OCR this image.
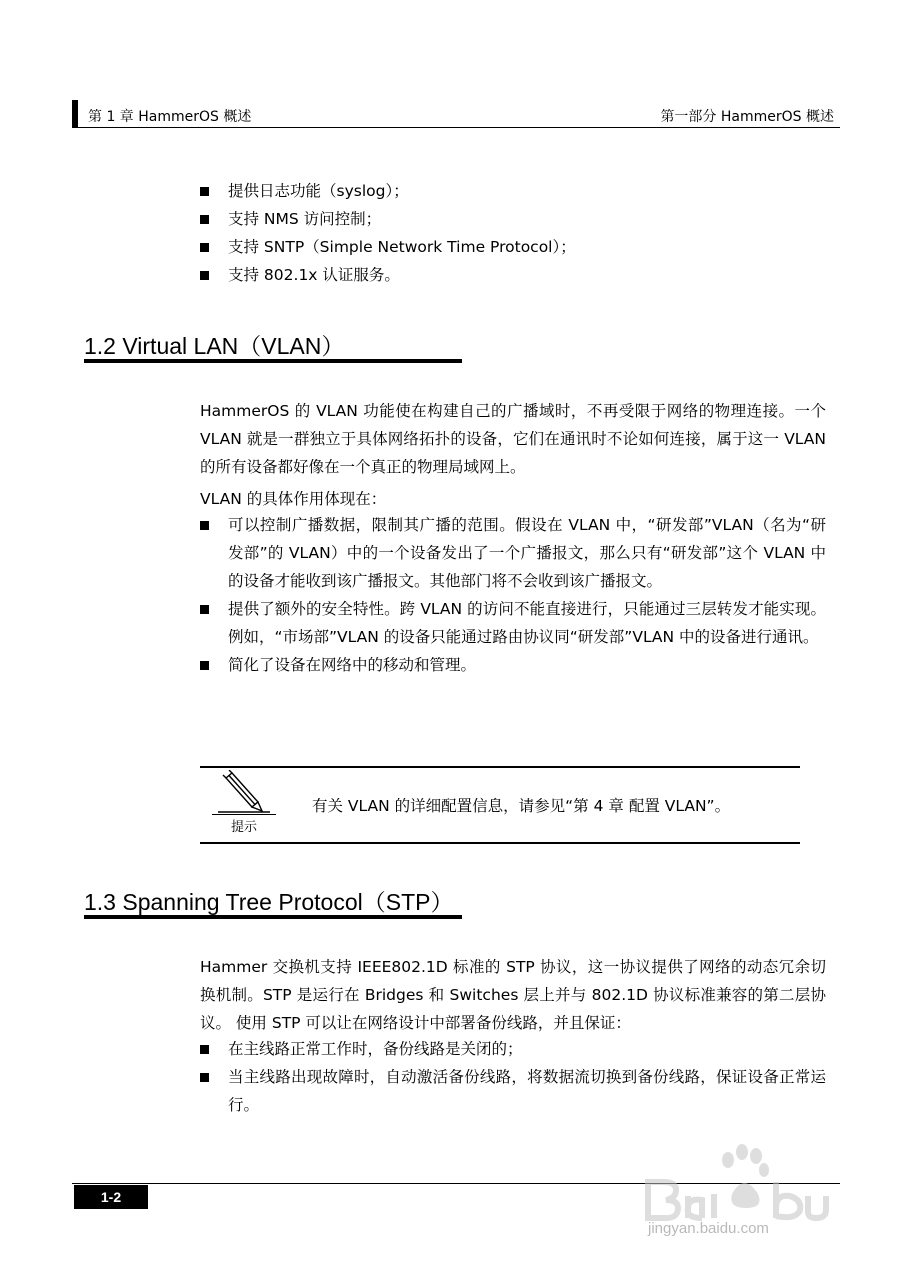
第 1 章 HammerOS 概述	第一部分 HammerOS 概述
提供日志功能（syslog）；
支持 NMS 访问控制；
支持 SNTP（Simple Network Time Protocol）；
支持 802.1x 认证服务。
1.2 Virtual LAN（VLAN）

HammerOS 的 VLAN 功能使在构建自己的广播域时，不再受限于网络的物理连接。一个 VLAN 就是一群独立于具体网络拓扑的设备，它们在通讯时不论如何连接，属于这一 VLAN 的所有设备都好像在一个真正的物理局域网上。

VLAN 的具体作用体现在：

可以控制广播数据，限制其广播的范围。假设在 VLAN 中，“研发部”VLAN（名为“研发部”的 VLAN）中的一个设备发出了一个广播报文，那么只有“研发部”这个 VLAN 中的设备才能收到该广播报文。其他部门将不会收到该广播报文。
提供了额外的安全特性。跨 VLAN 的访问不能直接进行，只能通过三层转发才能实现。例如，“市场部”VLAN 的设备只能通过路由协议同“研发部”VLAN 中的设备进行通讯。
简化了设备在网络中的移动和管理。
提示
有关 VLAN 的详细配置信息，请参见“第 4 章 配置 VLAN”。
1.3 Spanning Tree Protocol（STP）

Hammer 交换机支持 IEEE802.1D 标准的 STP 协议，这一协议提供了网络的动态冗余切换机制。STP 是运行在 Bridges 和 Switches 层上并与 802.1D 协议标准兼容的第二层协议。 使用 STP 可以让在网络设计中部署备份线路，并且保证：

在主线路正常工作时，备份线路是关闭的；
当主线路出现故障时，自动激活备份线路，将数据流切换到备份线路，保证设备正常运行。
1-2
jingyan.baidu.com
